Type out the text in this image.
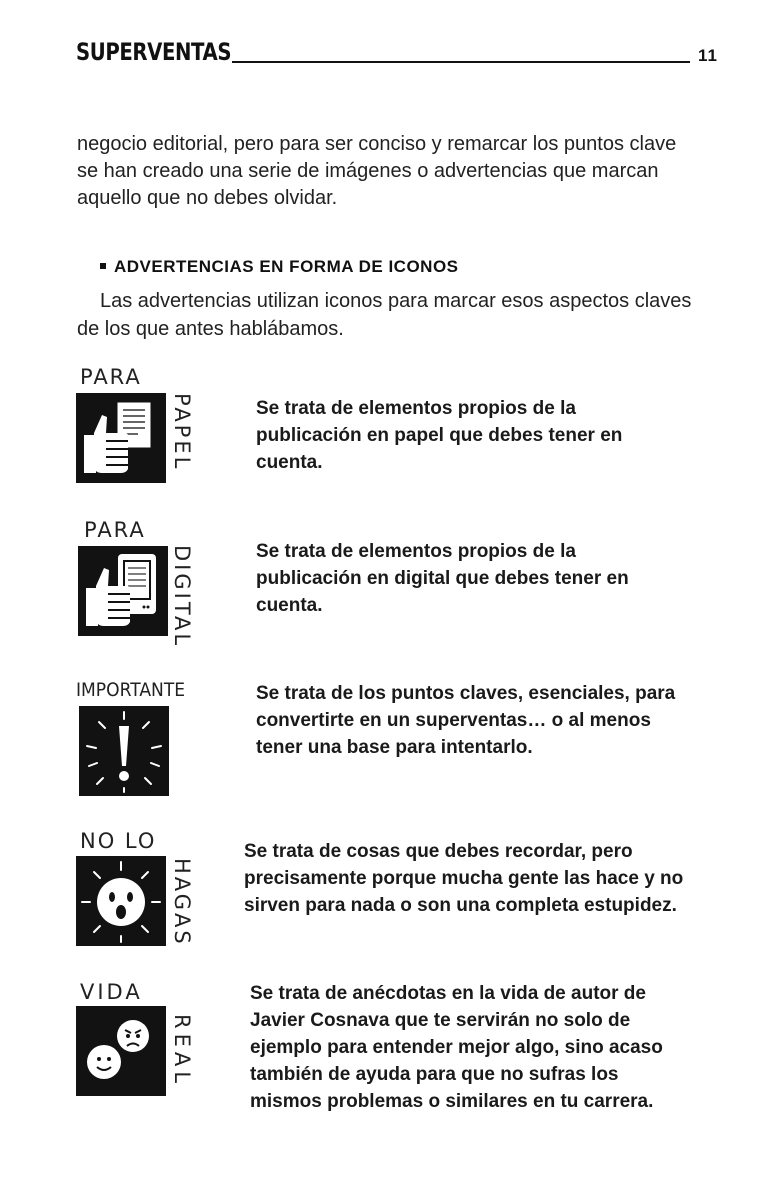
SUPERVENTAS	11

negocio editorial, pero para ser conciso y remarcar los puntos clave se han creado una serie de imágenes o advertencias que marcan aquello que no debes olvidar.

ADVERTENCIAS EN FORMA DE ICONOS

Las advertencias utilizan iconos para marcar esos aspectos claves de los que antes hablábamos.

PARA
PAPEL	Se trata de elementos propios de la publicación en papel que debes tener en cuenta.

PARA
DIGITAL	Se trata de elementos propios de la publicación en digital que debes tener en cuenta.

IMPORTANTE	Se trata de los puntos claves, esenciales, para convertirte en un superventas… o al menos tener una base para intentarlo.

NO LO
HAGAS

Se trata de cosas que debes recordar, pero precisamente porque mucha gente las hace y no sirven para nada o son una completa estupidez.

VIDA
REAL

Se trata de anécdotas en la vida de autor de Javier Cosnava que te servirán no solo de ejemplo para entender mejor algo, sino acaso también de ayuda para que no sufras los mismos problemas o similares en tu carrera.
